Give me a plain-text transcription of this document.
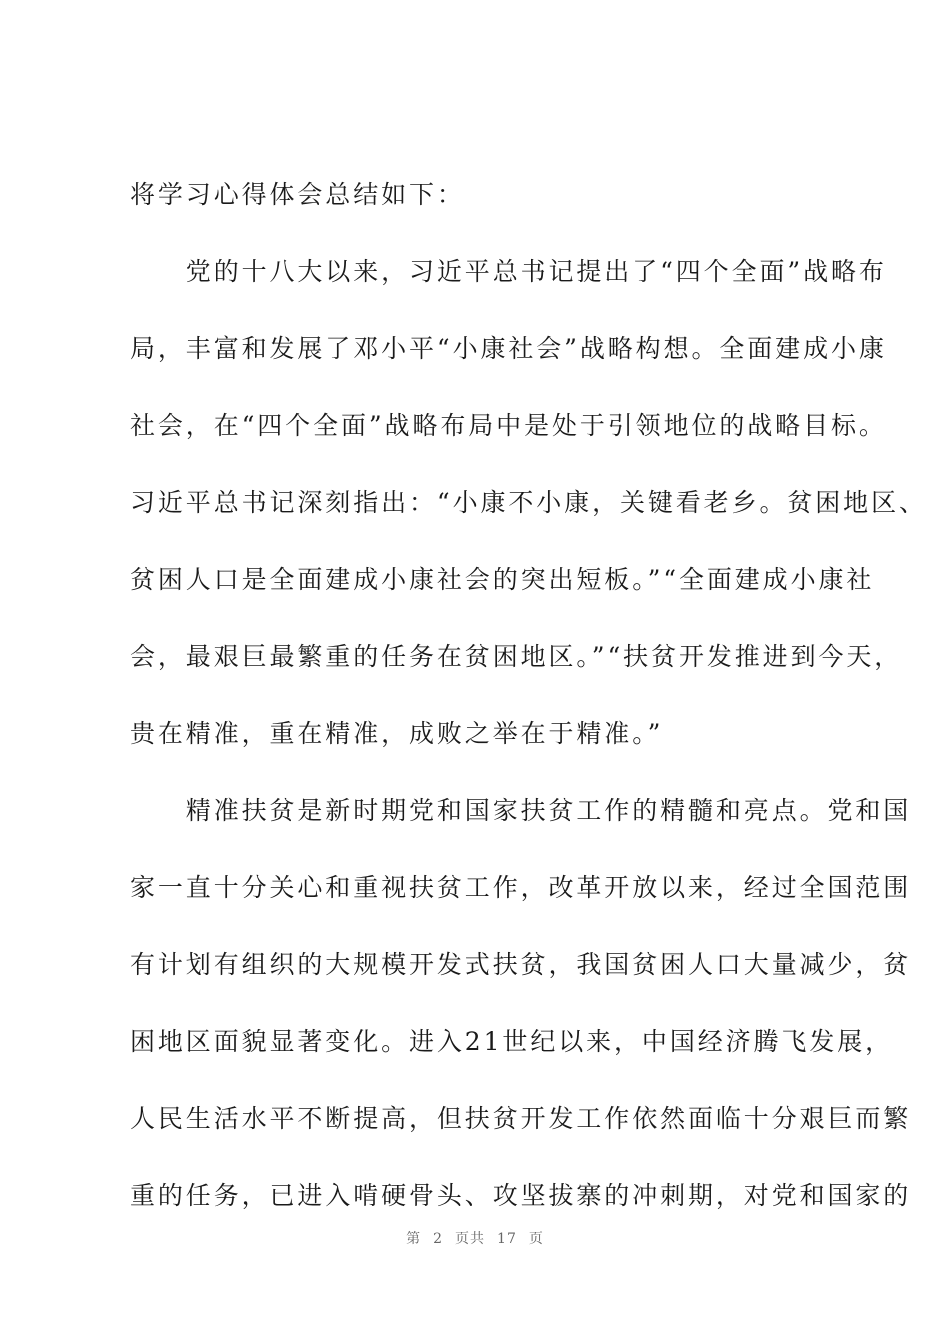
将学习心得体会总结如下：
　　党的十八大以来，习近平总书记提出了“四个全面”战略布
局，丰富和发展了邓小平“小康社会”战略构想。全面建成小康
社会，在“四个全面”战略布局中是处于引领地位的战略目标。
习近平总书记深刻指出：“小康不小康，关键看老乡。贫困地区、
贫困人口是全面建成小康社会的突出短板。”“全面建成小康社
会，最艰巨最繁重的任务在贫困地区。”“扶贫开发推进到今天，
贵在精准，重在精准，成败之举在于精准。”
　　精准扶贫是新时期党和国家扶贫工作的精髓和亮点。党和国
家一直十分关心和重视扶贫工作，改革开放以来，经过全国范围
有计划有组织的大规模开发式扶贫，我国贫困人口大量减少，贫
困地区面貌显著变化。进入21世纪以来，中国经济腾飞发展，
人民生活水平不断提高，但扶贫开发工作依然面临十分艰巨而繁
重的任务，已进入啃硬骨头、攻坚拔寨的冲刺期，对党和国家的
第 2 页共 17 页
